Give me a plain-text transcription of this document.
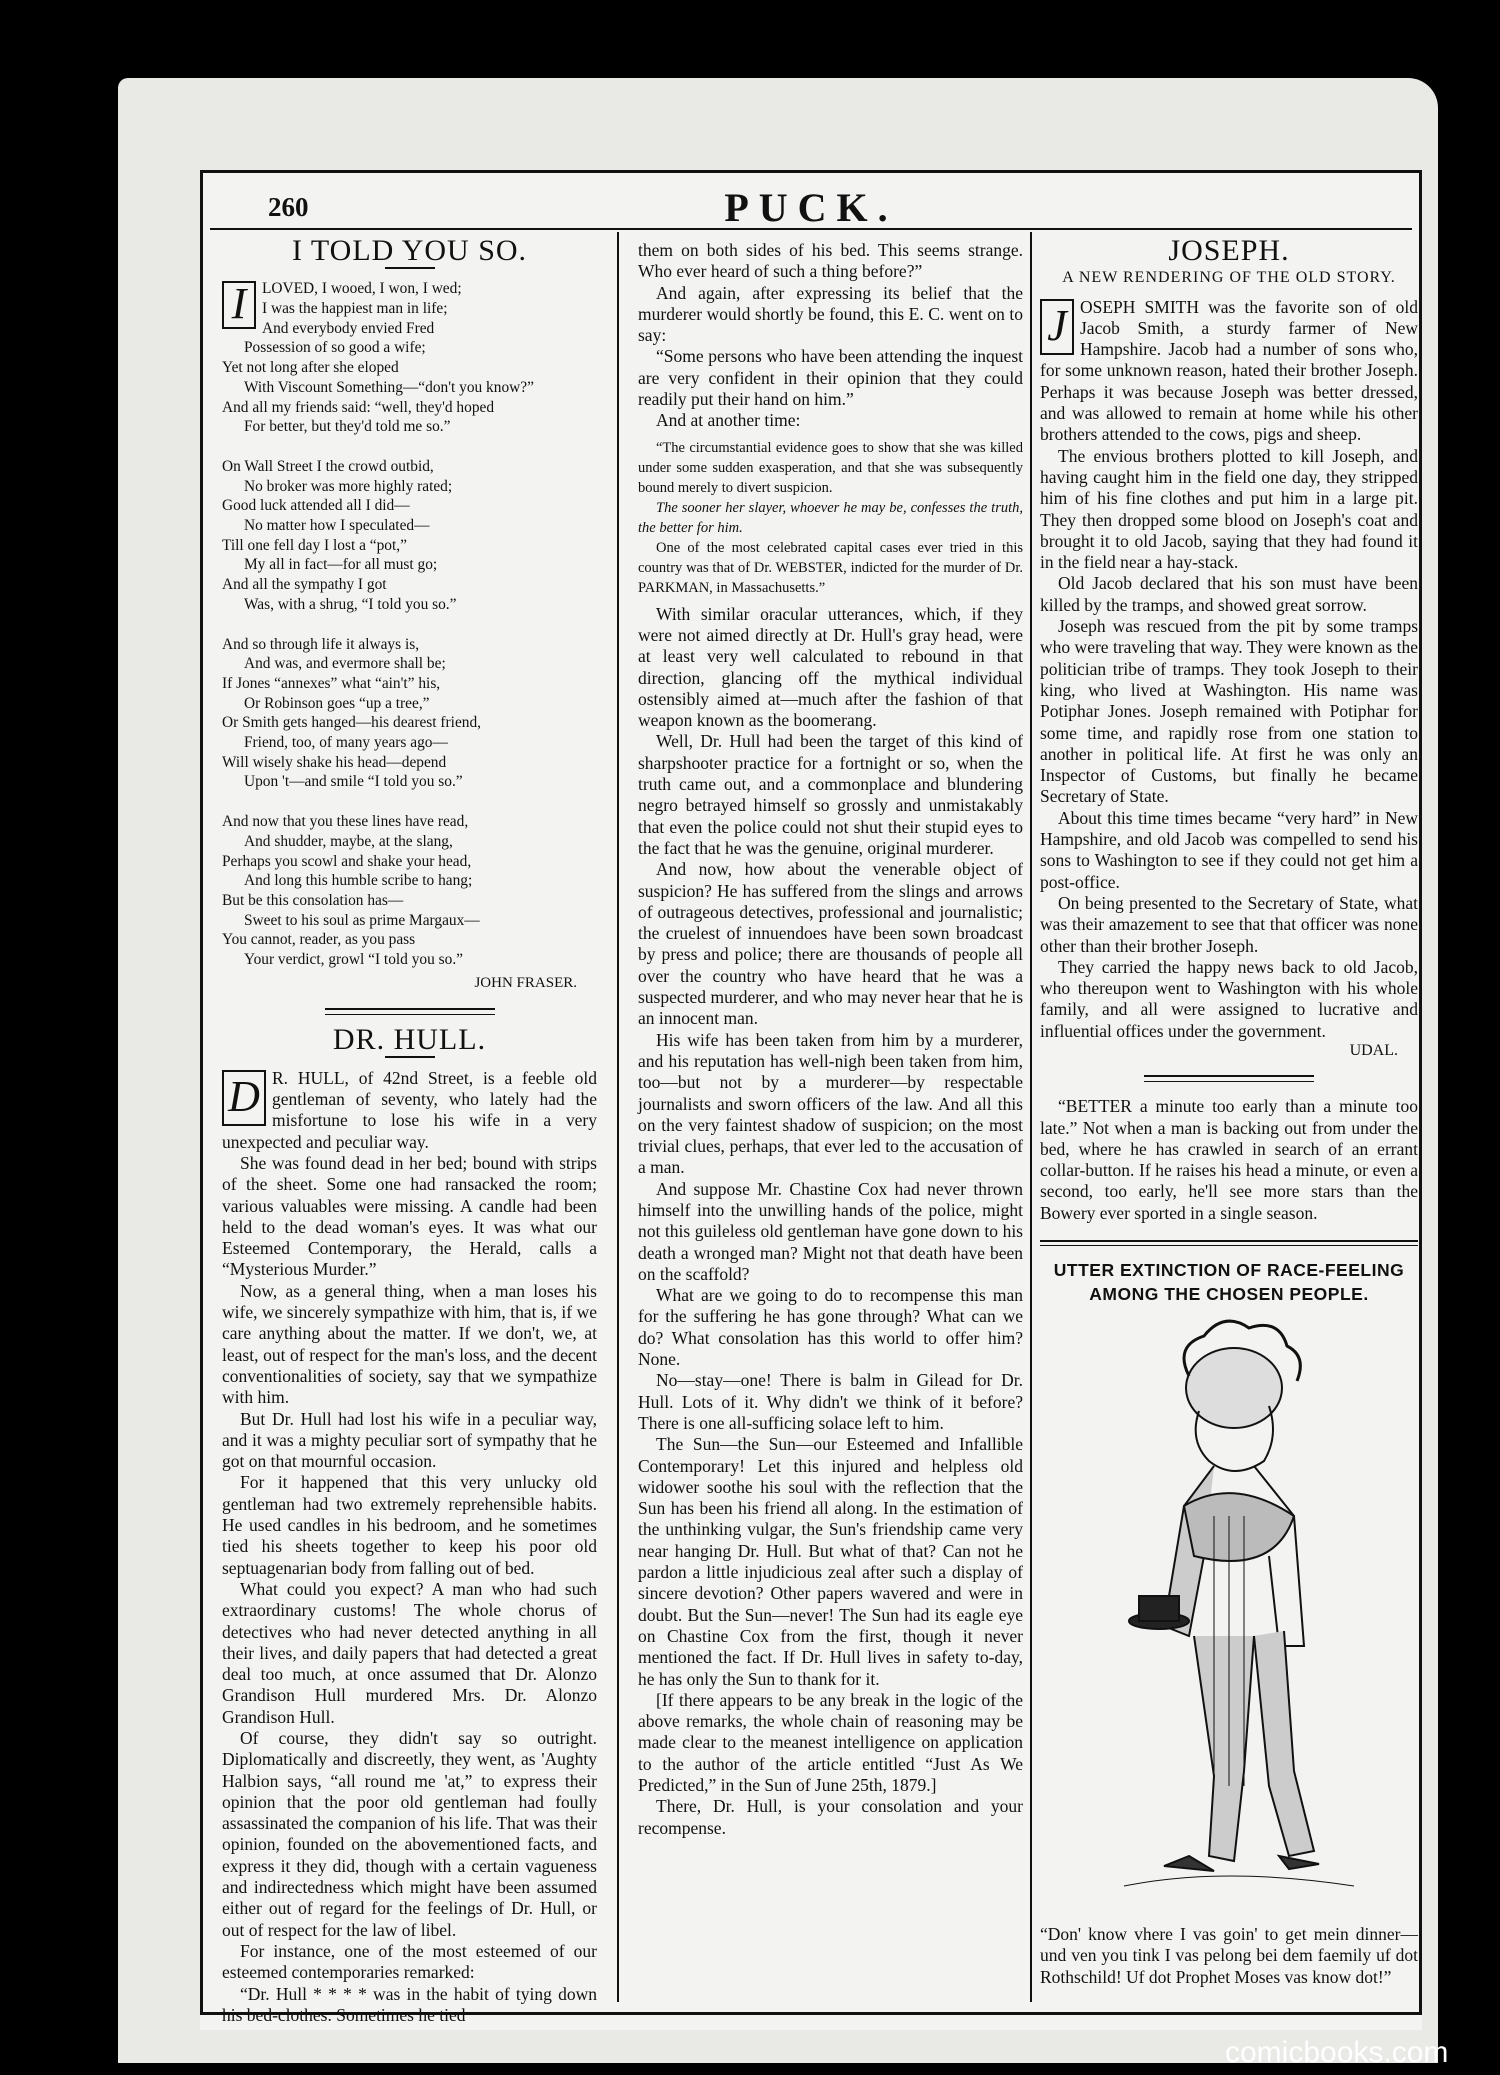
260	PUCK.
I TOLD YOU SO.
I	LOVED, I wooed, I won, I wed;
I was the happiest man in life;
And everybody envied Fred
Possession of so good a wife;
Yet not long after she eloped
With Viscount Something—“don't you know?”
And all my friends said: “well, they'd hoped
For better, but they'd told me so.”
On Wall Street I the crowd outbid,
No broker was more highly rated;
Good luck attended all I did—
No matter how I speculated—
Till one fell day I lost a “pot,”
My all in fact—for all must go;
And all the sympathy I got
Was, with a shrug, “I told you so.”
And so through life it always is,
And was, and evermore shall be;
If Jones “annexes” what “ain't” his,
Or Robinson goes “up a tree,”
Or Smith gets hanged—his dearest friend,
Friend, too, of many years ago—
Will wisely shake his head—depend
Upon 't—and smile “I told you so.”
And now that you these lines have read,
And shudder, maybe, at the slang,
Perhaps you scowl and shake your head,
And long this humble scribe to hang;
But be this consolation has—
Sweet to his soul as prime Margaux—
You cannot, reader, as you pass
Your verdict, growl “I told you so.”
JOHN FRASER.
DR. HULL.
D R. HULL, of 42nd Street, is a feeble old gentleman of seventy, who lately had the misfortune to lose his wife in a very unexpected and peculiar way.

She was found dead in her bed; bound with strips of the sheet. Some one had ransacked the room; various valuables were missing. A candle had been held to the dead woman's eyes. It was what our Esteemed Contemporary, the Herald, calls a “Mysterious Murder.”

Now, as a general thing, when a man loses his wife, we sincerely sympathize with him, that is, if we care anything about the matter. If we don't, we, at least, out of respect for the man's loss, and the decent conventionalities of society, say that we sympathize with him.

But Dr. Hull had lost his wife in a peculiar way, and it was a mighty peculiar sort of sympathy that he got on that mournful occasion.

For it happened that this very unlucky old gentleman had two extremely reprehensible habits. He used candles in his bedroom, and he sometimes tied his sheets together to keep his poor old septuagenarian body from falling out of bed.

What could you expect? A man who had such extraordinary customs! The whole chorus of detectives who had never detected anything in all their lives, and daily papers that had detected a great deal too much, at once assumed that Dr. Alonzo Grandison Hull murdered Mrs. Dr. Alonzo Grandison Hull.

Of course, they didn't say so outright. Diplomatically and discreetly, they went, as 'Aughty Halbion says, “all round me 'at,” to express their opinion that the poor old gentleman had foully assassinated the companion of his life. That was their opinion, founded on the abovementioned facts, and express it they did, though with a certain vagueness and indirectedness which might have been assumed either out of regard for the feelings of Dr. Hull, or out of respect for the law of libel.

For instance, one of the most esteemed of our esteemed contemporaries remarked:

“Dr. Hull * * * * was in the habit of tying down his bed-clothes. Sometimes he tied

them on both sides of his bed. This seems strange. Who ever heard of such a thing before?”

And again, after expressing its belief that the murderer would shortly be found, this E. C. went on to say:

“Some persons who have been attending the inquest are very confident in their opinion that they could readily put their hand on him.”

And at another time:

“The circumstantial evidence goes to show that she was killed under some sudden exasperation, and that she was subsequently bound merely to divert suspicion.

The sooner her slayer, whoever he may be, confesses the truth, the better for him.

One of the most celebrated capital cases ever tried in this country was that of Dr. WEBSTER, indicted for the murder of Dr. PARKMAN, in Massachusetts.”

With similar oracular utterances, which, if they were not aimed directly at Dr. Hull's gray head, were at least very well calculated to rebound in that direction, glancing off the mythical individual ostensibly aimed at—much after the fashion of that weapon known as the boomerang.

Well, Dr. Hull had been the target of this kind of sharpshooter practice for a fortnight or so, when the truth came out, and a commonplace and blundering negro betrayed himself so grossly and unmistakably that even the police could not shut their stupid eyes to the fact that he was the genuine, original murderer.

And now, how about the venerable object of suspicion? He has suffered from the slings and arrows of outrageous detectives, professional and journalistic; the cruelest of innuendoes have been sown broadcast by press and police; there are thousands of people all over the country who have heard that he was a suspected murderer, and who may never hear that he is an innocent man.

His wife has been taken from him by a murderer, and his reputation has well-nigh been taken from him, too—but not by a murderer—by respectable journalists and sworn officers of the law. And all this on the very faintest shadow of suspicion; on the most trivial clues, perhaps, that ever led to the accusation of a man.

And suppose Mr. Chastine Cox had never thrown himself into the unwilling hands of the police, might not this guileless old gentleman have gone down to his death a wronged man? Might not that death have been on the scaffold?

What are we going to do to recompense this man for the suffering he has gone through? What can we do? What consolation has this world to offer him? None.

No—stay—one! There is balm in Gilead for Dr. Hull. Lots of it. Why didn't we think of it before? There is one all-sufficing solace left to him.

The Sun—the Sun—our Esteemed and Infallible Contemporary! Let this injured and helpless old widower soothe his soul with the reflection that the Sun has been his friend all along. In the estimation of the unthinking vulgar, the Sun's friendship came very near hanging Dr. Hull. But what of that? Can not he pardon a little injudicious zeal after such a display of sincere devotion? Other papers wavered and were in doubt. But the Sun—never! The Sun had its eagle eye on Chastine Cox from the first, though it never mentioned the fact. If Dr. Hull lives in safety to-day, he has only the Sun to thank for it.

[If there appears to be any break in the logic of the above remarks, the whole chain of reasoning may be made clear to the meanest intelligence on application to the author of the article entitled “Just As We Predicted,” in the Sun of June 25th, 1879.]

There, Dr. Hull, is your consolation and your recompense.

JOSEPH.
A NEW RENDERING OF THE OLD STORY.
J OSEPH SMITH was the favorite son of old Jacob Smith, a sturdy farmer of New Hampshire. Jacob had a number of sons who, for some unknown reason, hated their brother Joseph. Perhaps it was because Joseph was better dressed, and was allowed to remain at home while his other brothers attended to the cows, pigs and sheep.

The envious brothers plotted to kill Joseph, and having caught him in the field one day, they stripped him of his fine clothes and put him in a large pit. They then dropped some blood on Joseph's coat and brought it to old Jacob, saying that they had found it in the field near a hay-stack.

Old Jacob declared that his son must have been killed by the tramps, and showed great sorrow.

Joseph was rescued from the pit by some tramps who were traveling that way. They were known as the politician tribe of tramps. They took Joseph to their king, who lived at Washington. His name was Potiphar Jones. Joseph remained with Potiphar for some time, and rapidly rose from one station to another in political life. At first he was only an Inspector of Customs, but finally he became Secretary of State.

About this time times became “very hard” in New Hampshire, and old Jacob was compelled to send his sons to Washington to see if they could not get him a post-office.

On being presented to the Secretary of State, what was their amazement to see that that officer was none other than their brother Joseph.

They carried the happy news back to old Jacob, who thereupon went to Washington with his whole family, and all were assigned to lucrative and influential offices under the government.

UDAL.

“BETTER a minute too early than a minute too late.” Not when a man is backing out from under the bed, where he has crawled in search of an errant collar-button. If he raises his head a minute, or even a second, too early, he'll see more stars than the Bowery ever sported in a single season.

UTTER EXTINCTION OF RACE-FEELING
AMONG THE CHOSEN PEOPLE.
“Don' know vhere I vas goin' to get mein dinner—und ven you tink I vas pelong bei dem faemily uf dot Rothschild! Uf dot Prophet Moses vas know dot!”
comicbooks.com
